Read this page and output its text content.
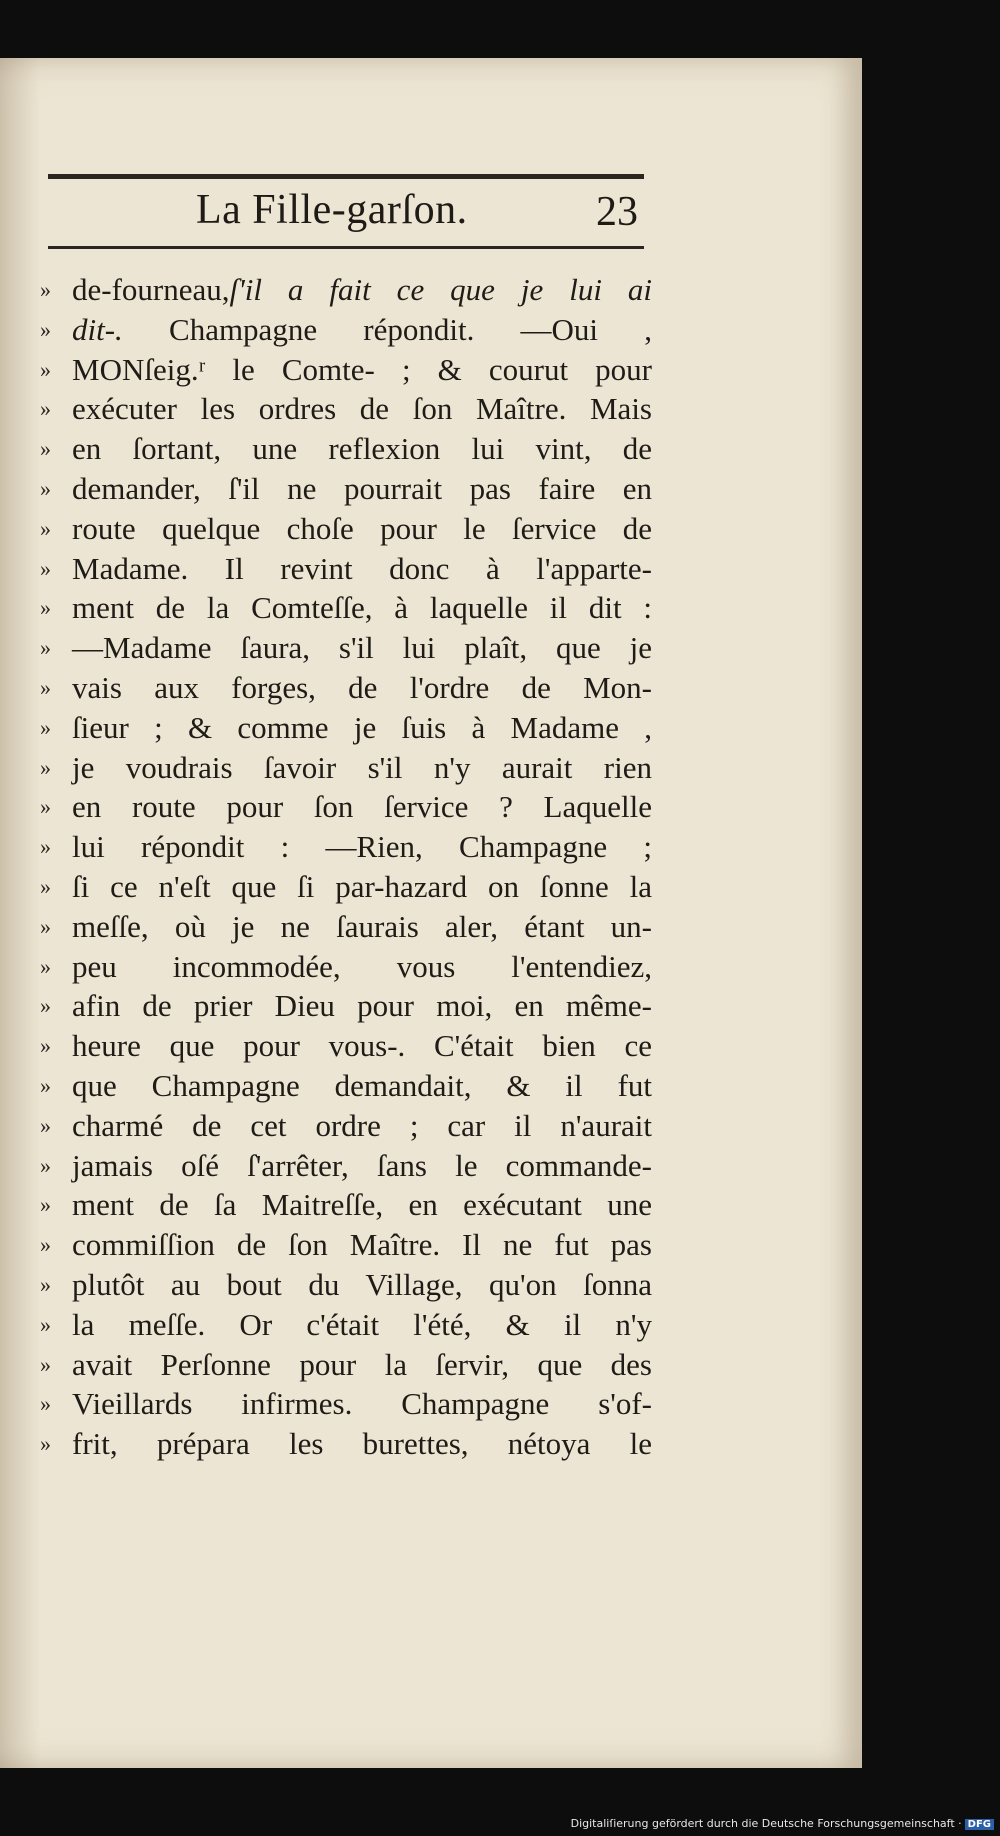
La Fille-garſon.	23
» de-fourneau,ſ'il a fait ce que je lui ai
» dit-. Champagne répondit. —Oui ,
» MONſeig.ʳ le Comte- ; & courut pour
» exécuter les ordres de ſon Maître. Mais
» en ſortant, une reflexion lui vint, de
» demander, ſ'il ne pourrait pas faire en
» route quelque choſe pour le ſervice de
» Madame. Il revint donc à l'apparte-
» ment de la Comteſſe, à laquelle il dit :
» —Madame ſaura, s'il lui plaît, que je
» vais aux forges, de l'ordre de Mon-
» ſieur ; & comme je ſuis à Madame ,
» je voudrais ſavoir s'il n'y aurait rien
» en route pour ſon ſervice ? Laquelle
» lui répondit : —Rien, Champagne ;
» ſi ce n'eſt que ſi par-hazard on ſonne la
» meſſe, où je ne ſaurais aler, étant un-
» peu incommodée, vous l'entendiez,
» afin de prier Dieu pour moi, en même-
» heure que pour vous-. C'était bien ce
» que Champagne demandait, & il fut
» charmé de cet ordre ; car il n'aurait
» jamais oſé ſ'arrêter, ſans le commande-
» ment de ſa Maitreſſe, en exécutant une
» commiſſion de ſon Maître. Il ne fut pas
» plutôt au bout du Village, qu'on ſonna
» la meſſe. Or c'était l'été, & il n'y
» avait Perſonne pour la ſervir, que des
» Vieillards infirmes. Champagne s'of-
» frit, prépara les burettes, nétoya le
Digitaliſierung gefördert durch die Deutsche Forschungsgemeinschaft · DFG
